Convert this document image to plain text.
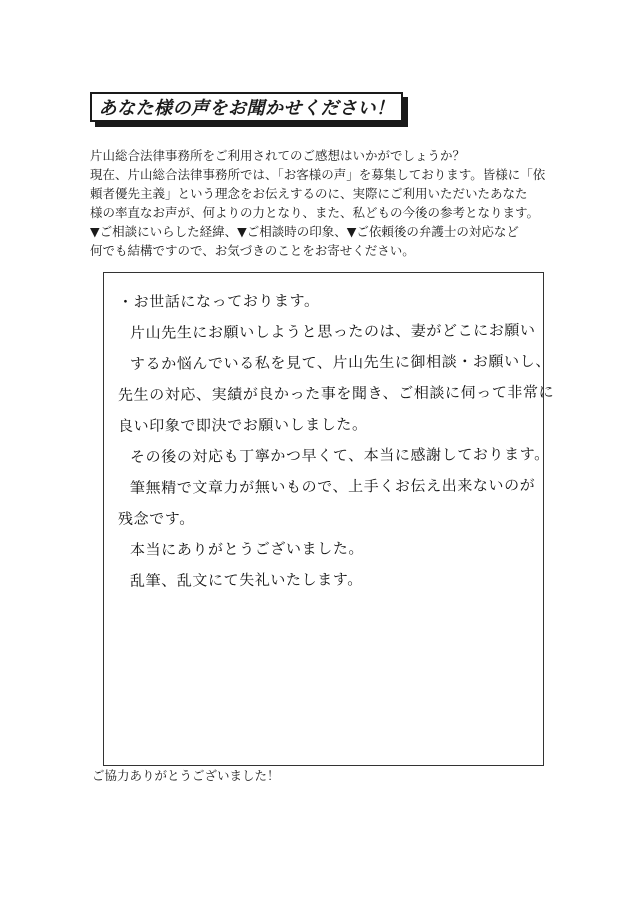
あなた様の声をお聞かせください！
片山総合法律事務所をご利用されてのご感想はいかがでしょうか？
現在、片山総合法律事務所では、「お客様の声」を募集しております。皆様に「依
頼者優先主義」という理念をお伝えするのに、実際にご利用いただいたあなた
様の率直なお声が、何よりの力となり、また、私どもの今後の参考となります。
▼ご相談にいらした経緯、▼ご相談時の印象、▼ご依頼後の弁護士の対応など
何でも結構ですので、お気づきのことをお寄せください。
・お世話になっております。
片山先生にお願いしようと思ったのは、妻がどこにお願い
するか悩んでいる私を見て、片山先生に御相談・お願いし、
先生の対応、実績が良かった事を聞き、ご相談に伺って非常に
良い印象で即決でお願いしました。
その後の対応も丁寧かつ早くて、本当に感謝しております。
筆無精で文章力が無いもので、上手くお伝え出来ないのが
残念です。
本当にありがとうございました。
乱筆、乱文にて失礼いたします。
ご協力ありがとうございました！
